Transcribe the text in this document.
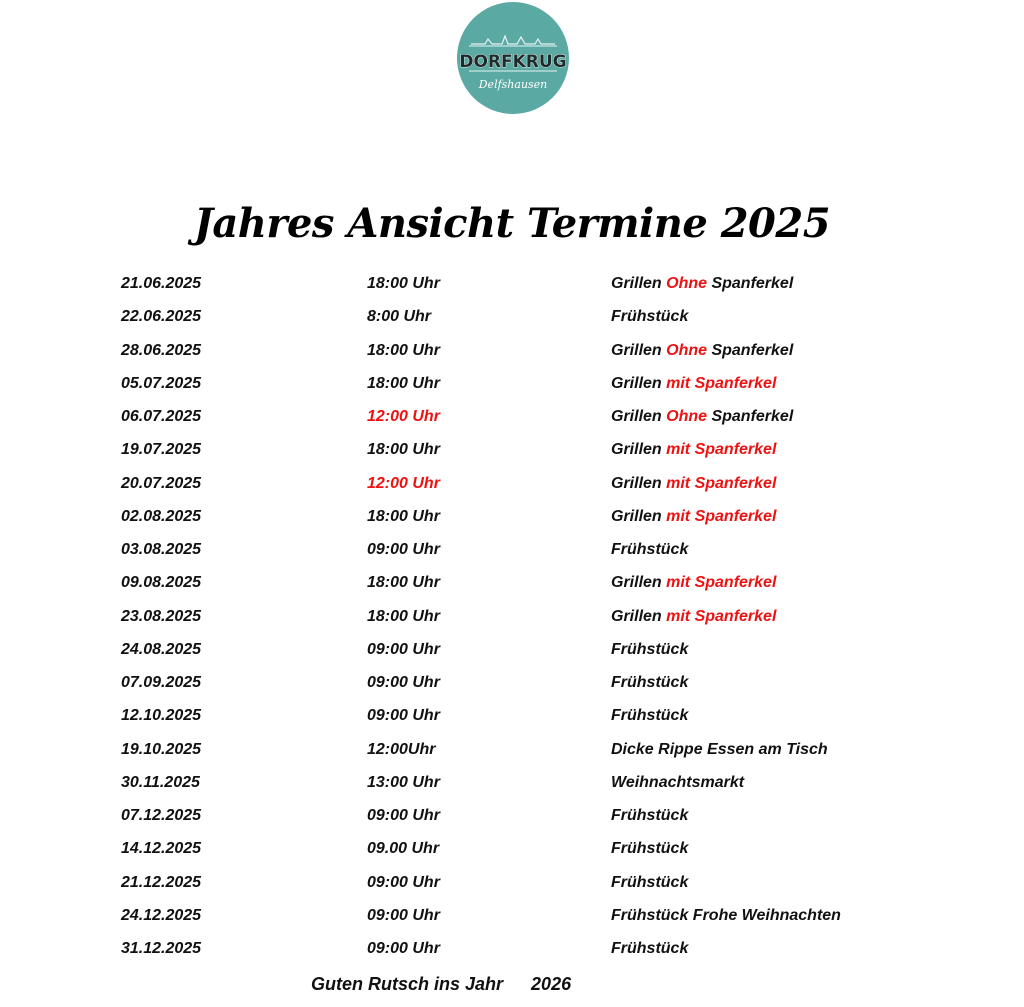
DORFKRUG
Delfshausen
Jahres Ansicht Termine 2025
21.06.2025	18:00 Uhr	Grillen Ohne Spanferkel
22.06.2025	8:00 Uhr	Frühstück
28.06.2025	18:00 Uhr	Grillen Ohne Spanferkel
05.07.2025	18:00 Uhr	Grillen mit Spanferkel
06.07.2025	12:00 Uhr	Grillen Ohne Spanferkel
19.07.2025	18:00 Uhr	Grillen mit Spanferkel
20.07.2025	12:00 Uhr	Grillen mit Spanferkel
02.08.2025	18:00 Uhr	Grillen mit Spanferkel
03.08.2025	09:00 Uhr	Frühstück
09.08.2025	18:00 Uhr	Grillen mit Spanferkel
23.08.2025	18:00 Uhr	Grillen mit Spanferkel
24.08.2025	09:00 Uhr	Frühstück
07.09.2025	09:00 Uhr	Frühstück
12.10.2025	09:00 Uhr	Frühstück
19.10.2025	12:00Uhr	Dicke Rippe Essen am Tisch
30.11.2025	13:00 Uhr	Weihnachtsmarkt
07.12.2025	09:00 Uhr	Frühstück
14.12.2025	09.00 Uhr	Frühstück
21.12.2025	09:00 Uhr	Frühstück
24.12.2025	09:00 Uhr	Frühstück Frohe Weihnachten
31.12.2025	09:00 Uhr	Frühstück
Guten Rutsch ins Jahr 2026
